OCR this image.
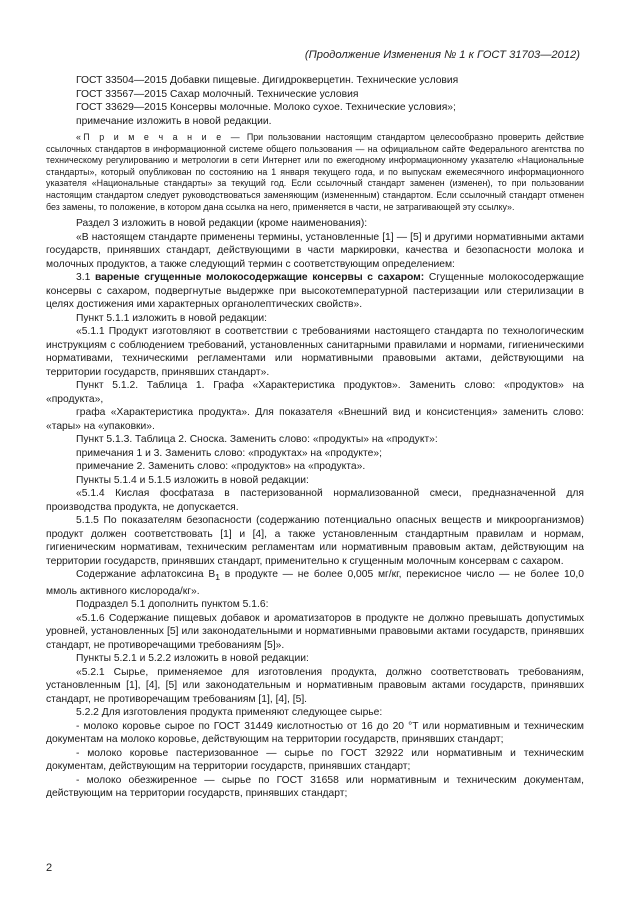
(Продолжение Изменения № 1 к ГОСТ 31703—2012)

ГОСТ 33504—2015 Добавки пищевые. Дигидрокверцетин. Технические условия

ГОСТ 33567—2015 Сахар молочный. Технические условия

ГОСТ 33629—2015 Консервы молочные. Молоко сухое. Технические условия»;

примечание изложить в новой редакции.

«П р и м е ч а н и е — При пользовании настоящим стандартом целесообразно проверить действие ссылочных стандартов в информационной системе общего пользования — на официальном сайте Федерального агентства по техническому регулированию и метрологии в сети Интернет или по ежегодному информационному указателю «Национальные стандарты», который опубликован по состоянию на 1 января текущего года, и по выпускам ежемесячного информационного указателя «Национальные стандарты» за текущий год. Если ссылочный стандарт заменен (изменен), то при пользовании настоящим стандартом следует руководствоваться заменяющим (измененным) стандартом. Если ссылочный стандарт отменен без замены, то положение, в котором дана ссылка на него, применяется в части, не затрагивающей эту ссылку».

Раздел 3 изложить в новой редакции (кроме наименования):

«В настоящем стандарте применены термины, установленные [1] — [5] и другими нормативными актами государств, принявших стандарт, действующими в части маркировки, качества и безопасности молока и молочных продуктов, а также следующий термин с соответствующим определением:

3.1 вареные сгущенные молокосодержащие консервы с сахаром: Сгущенные молокосодержащие консервы с сахаром, подвергнутые выдержке при высокотемпературной пастеризации или стерилизации в целях достижения ими характерных органолептических свойств».

Пункт 5.1.1 изложить в новой редакции:

«5.1.1 Продукт изготовляют в соответствии с требованиями настоящего стандарта по технологическим инструкциям с соблюдением требований, установленных санитарными правилами и нормами, гигиеническими нормативами, техническими регламентами или нормативными правовыми актами, действующими на территории государств, принявших стандарт».

Пункт 5.1.2. Таблица 1. Графа «Характеристика продуктов». Заменить слово: «продуктов» на «продукта»,

графа «Характеристика продукта». Для показателя «Внешний вид и консистенция» заменить слово: «тары» на «упаковки».

Пункт 5.1.3. Таблица 2. Сноска. Заменить слово: «продукты» на «продукт»:

примечания 1 и 3. Заменить слово: «продуктах» на «продукте»;

примечание 2. Заменить слово: «продуктов» на «продукта».

Пункты 5.1.4 и 5.1.5 изложить в новой редакции:

«5.1.4 Кислая фосфатаза в пастеризованной нормализованной смеси, предназначенной для производства продукта, не допускается.

5.1.5 По показателям безопасности (содержанию потенциально опасных веществ и микроорганизмов) продукт должен соответствовать [1] и [4], а также установленным стандартным правилам и нормам, гигиеническим нормативам, техническим регламентам или нормативным правовым актам, действующим на территории государств, принявших стандарт, применительно к сгущенным молочным консервам с сахаром.

Содержание афлатоксина $B_1$ в продукте — не более 0,005 мг/кг, перекисное число — не более 10,0 ммоль активного кислорода/кг».

Подраздел 5.1 дополнить пунктом 5.1.6:

«5.1.6 Содержание пищевых добавок и ароматизаторов в продукте не должно превышать допустимых уровней, установленных [5] или законодательными и нормативными правовыми актами государств, принявших стандарт, не противоречащими требованиям [5]».

Пункты 5.2.1 и 5.2.2 изложить в новой редакции:

«5.2.1 Сырье, применяемое для изготовления продукта, должно соответствовать требованиям, установленным [1], [4], [5] или законодательным и нормативным правовым актами государств, принявших стандарт, не противоречащим требованиям [1], [4], [5].

5.2.2 Для изготовления продукта применяют следующее сырье:

- молоко коровье сырое по ГОСТ 31449 кислотностью от 16 до 20 °Т или нормативным и техническим документам на молоко коровье, действующим на территории государств, принявших стандарт;

- молоко коровье пастеризованное — сырье по ГОСТ 32922 или нормативным и техническим документам, действующим на территории государств, принявших стандарт;

- молоко обезжиренное — сырье по ГОСТ 31658 или нормативным и техническим документам, действующим на территории государств, принявших стандарт;

2
